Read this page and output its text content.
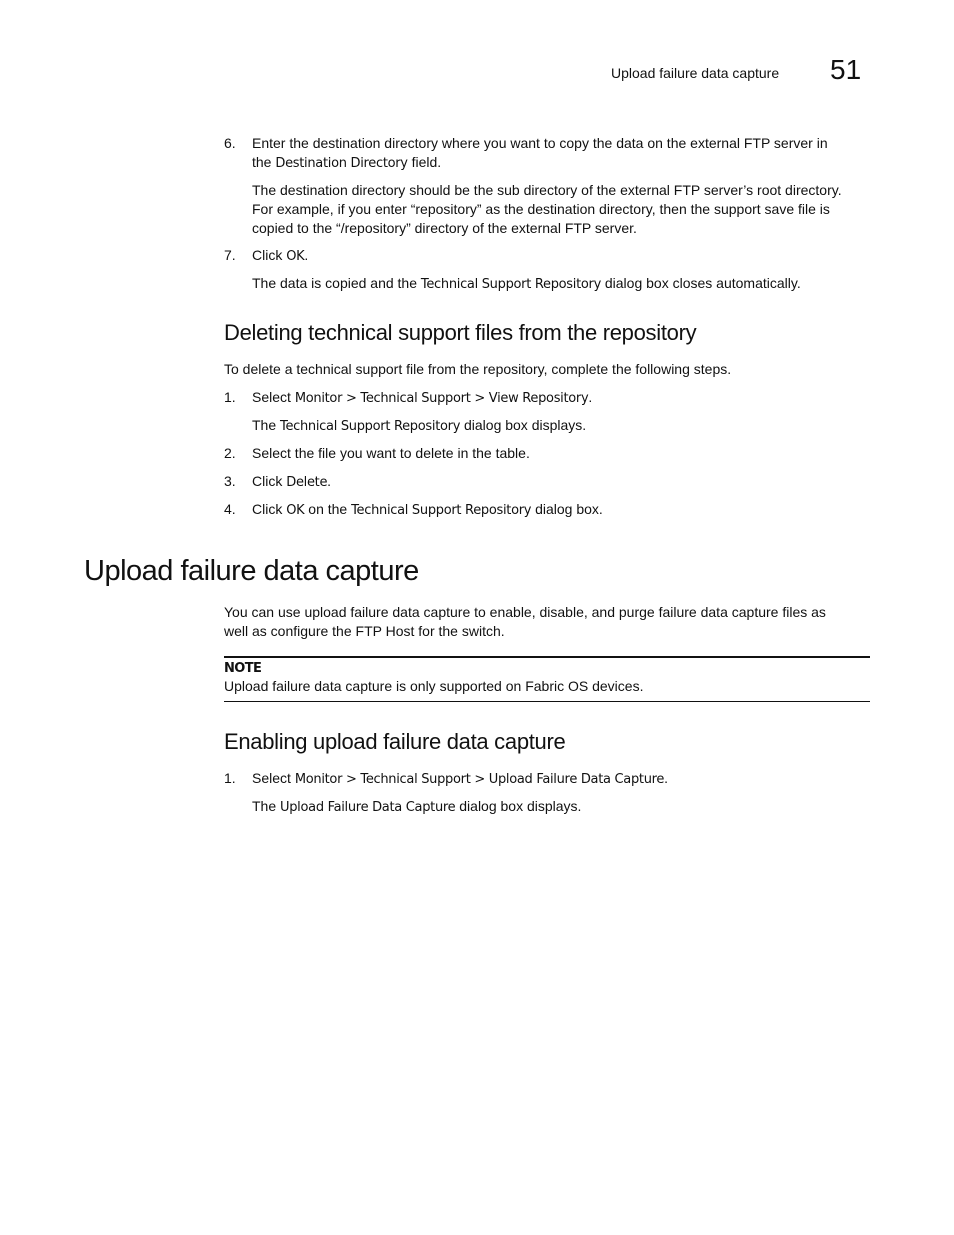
Upload failure data capture 51
6. Enter the destination directory where you want to copy the data on the external FTP server in
the Destination Directory field.
The destination directory should be the sub directory of the external FTP server’s root directory.
For example, if you enter “repository” as the destination directory, then the support save file is
copied to the “/repository” directory of the external FTP server.
7. Click OK.
The data is copied and the Technical Support Repository dialog box closes automatically.
Deleting technical support files from the repository
To delete a technical support file from the repository, complete the following steps.
1. Select Monitor > Technical Support > View Repository.
The Technical Support Repository dialog box displays.
2. Select the file you want to delete in the table.
3. Click Delete.
4. Click OK on the Technical Support Repository dialog box.
Upload failure data capture
You can use upload failure data capture to enable, disable, and purge failure data capture files as
well as configure the FTP Host for the switch.
NOTE
Upload failure data capture is only supported on Fabric OS devices.
Enabling upload failure data capture
1. Select Monitor > Technical Support > Upload Failure Data Capture.
The Upload Failure Data Capture dialog box displays.
